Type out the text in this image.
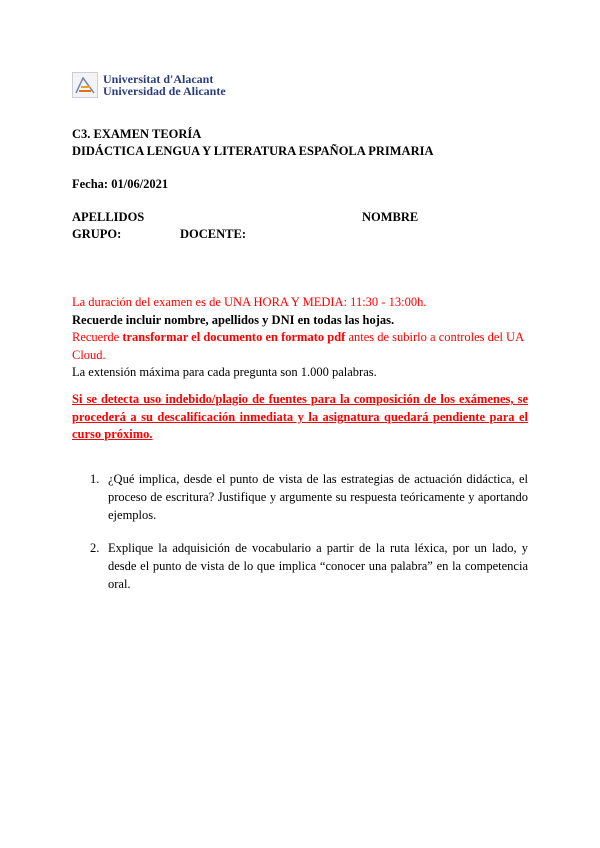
Universitat d'Alacant
Universidad de Alicante
C3. EXAMEN TEORÍA
DIDÁCTICA LENGUA Y LITERATURA ESPAÑOLA PRIMARIA
Fecha: 01/06/2021
APELLIDOS	NOMBRE
GRUPO:	DOCENTE:
La duración del examen es de UNA HORA Y MEDIA: 11:30 - 13:00h.
Recuerde incluir nombre, apellidos y DNI en todas las hojas.
Recuerde transformar el documento en formato pdf antes de subirlo a controles del UA Cloud.
La extensión máxima para cada pregunta son 1.000 palabras.
Si se detecta uso indebido/plagio de fuentes para la composición de los exámenes, se procederá a su descalificación inmediata y la asignatura quedará pendiente para el curso próximo.
1. ¿Qué implica, desde el punto de vista de las estrategias de actuación didáctica, el proceso de escritura? Justifique y argumente su respuesta teóricamente y aportando ejemplos.
2. Explique la adquisición de vocabulario a partir de la ruta léxica, por un lado, y desde el punto de vista de lo que implica “conocer una palabra” en la competencia oral.
